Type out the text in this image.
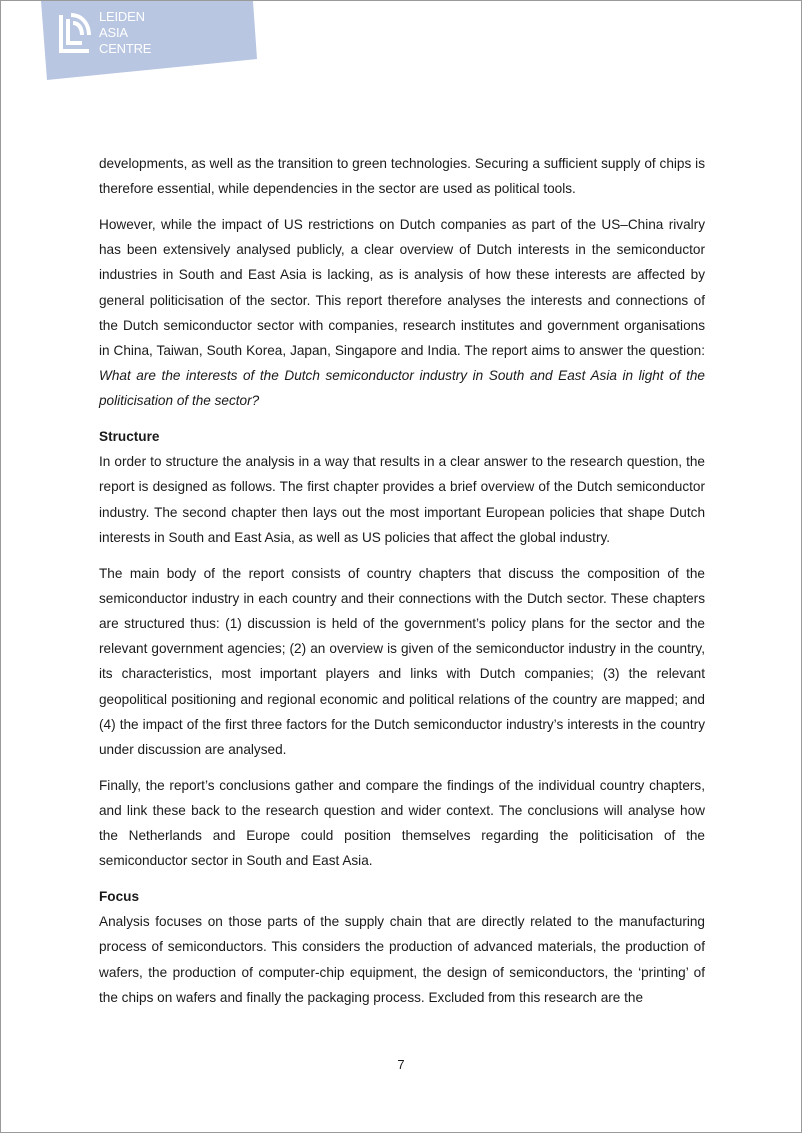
LEIDEN
ASIA
CENTRE

developments, as well as the transition to green technologies. Securing a sufficient supply of chips is therefore essential, while dependencies in the sector are used as political tools.

However, while the impact of US restrictions on Dutch companies as part of the US–China rivalry has been extensively analysed publicly, a clear overview of Dutch interests in the semiconductor industries in South and East Asia is lacking, as is analysis of how these interests are affected by general politicisation of the sector. This report therefore analyses the interests and connections of the Dutch semiconductor sector with companies, research institutes and government organisations in China, Taiwan, South Korea, Japan, Singapore and India. The report aims to answer the question: What are the interests of the Dutch semiconductor industry in South and East Asia in light of the politicisation of the sector?

Structure

In order to structure the analysis in a way that results in a clear answer to the research question, the report is designed as follows. The first chapter provides a brief overview of the Dutch semiconductor industry. The second chapter then lays out the most important European policies that shape Dutch interests in South and East Asia, as well as US policies that affect the global industry.

The main body of the report consists of country chapters that discuss the composition of the semiconductor industry in each country and their connections with the Dutch sector. These chapters are structured thus: (1) discussion is held of the government’s policy plans for the sector and the relevant government agencies; (2) an overview is given of the semiconductor industry in the country, its characteristics, most important players and links with Dutch companies; (3) the relevant geopolitical positioning and regional economic and political relations of the country are mapped; and (4) the impact of the first three factors for the Dutch semiconductor industry’s interests in the country under discussion are analysed.

Finally, the report’s conclusions gather and compare the findings of the individual country chapters, and link these back to the research question and wider context. The conclusions will analyse how the Netherlands and Europe could position themselves regarding the politicisation of the semiconductor sector in South and East Asia.

Focus

Analysis focuses on those parts of the supply chain that are directly related to the manufacturing process of semiconductors. This considers the production of advanced materials, the production of wafers, the production of computer-chip equipment, the design of semiconductors, the ‘printing’ of the chips on wafers and finally the packaging process. Excluded from this research are the

7
